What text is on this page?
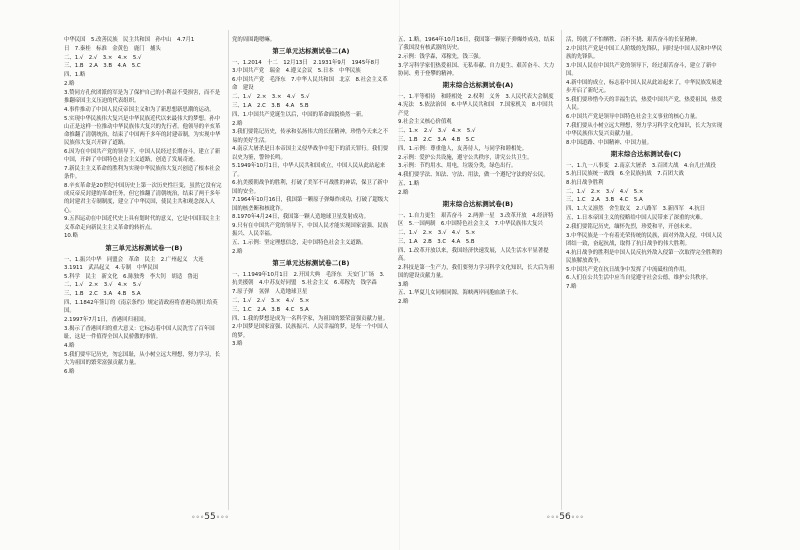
中华民国　5.改善民族　民主共和国　孙中山　4.7月1

日　7.秦桂　标准　金黄色　鹿门　捕头

二、1.√　2.√　3.×　4.×　5.√

三、1.B　2.A　3.B　4.A　5.C

四、1.略

2.略

3.赞同方孔伙团派的军是为了保护自己的小利益不受损害，而不是推翻帝国主义压迫的代表组织。

4.事件推动了中国人民反帝国主义和为了新思想新思潮的运动。

5.实现中华民族伟大复兴是中华民族近代以来最伟大的梦想。孙中山正是这样一位推动中华民族伟大复兴的先行者。他领导的辛亥革命推翻了清朝统治，结束了中国两千多年的封建帝制，为实现中华民族伟大复兴开辟了道路。

6.因为在中国共产党的领导下，中国人民经过长期奋斗，建立了新中国，开辟了中国特色社会主义道路，创造了发展奇迹。

7.新民主主义革命的胜利为实现中华民族伟大复兴创造了根本社会条件。

8.辛亥革命是20世纪中国历史上第一次历史性巨变，虽然它没有完成反帝反封建的革命任务，但它推翻了清朝统治，结束了两千多年的封建君主专制制度，建立了中华民国，使民主共和观念深入人心。

9.五四运动在中国近代史上具有划时代的意义，它是中国旧民主主义革命走向新民主主义革命的转折点。

10.略

第三单元达标测试卷一(B)

一、1.振兴中华　同盟会　革命　民主　2.广州起义　大连　3.1911　武昌起义　4.专制　中华民国

5.科学　民主　新文化　6.陈独秀　李大钊　胡适　鲁迅

二、1.√　2.×　3.√　4.×　5.√

三、1.B　2.C　3.A　4.B　5.A

四、1.1842年签订的《南京条约》规定清政府将香港岛割让给英国。

2.1997年7月1日，香港回归祖国。

3.揭示了香港回归的重大意义：它标志着中国人民洗雪了百年国耻，这是一件值得全国人民骄傲的事情。

4.略

5.我们要牢记历史，勿忘国耻，从小树立远大理想，努力学习，长大为祖国的繁荣富强贡献力量。

6.略

党的周围跑嗯嘛。

第三单元达标测试卷二(A)

一、1.2014　十二　12月13日　2.1931年9月　1945年8月　3.中国共产党　瑞金　4.遵义会议　5.日本　中华民族

6.中国共产党　毛泽东　7.中华人民共和国　北京　8.社会主义革命　建设

二、1.√　2.×　3.×　4.√　5.√

三、1.A　2.C　3.B　4.A　5.B

四、1.中国共产党诞生以后，中国的革命面貌焕然一新。

2.略

3.我们要铭记历史，传承和弘扬伟大的长征精神，珍惜今天来之不易的美好生活。

4.南京大屠杀是日本帝国主义侵华战争中犯下的滔天罪行。我们要以史为鉴，警钟长鸣。

5.1949年10月1日，中华人民共和国成立，中国人民从此站起来了。

6.抗美援朝战争的胜利，打破了美军不可战胜的神话，保卫了新中国的安全。

7.1964年10月16日，我国第一颗原子弹爆炸成功，打破了超级大国的核垄断和核讹诈。

8.1970年4月24日，我国第一颗人造地球卫星发射成功。

9.只有在中国共产党的领导下，中国人民才能实现国家富强、民族振兴、人民幸福。

五、1.示例：坚定理想信念，走中国特色社会主义道路。

2.略

第三单元达标测试卷二(B)

一、1.1949年10月1日　2.开国大典　毛泽东　天安门广场　3.抗美援朝　4.中苏友好同盟　5.社会主义　6.邓稼先　钱学森

7.原子弹　氢弹　人造地球卫星

二、1.√　2.√　3.×　4.√　5.×

三、1.C　2.A　3.B　4.C　5.A

四、1.我的梦想是成为一名科学家，为祖国的繁荣富强贡献力量。

2.中国梦是国家富强、民族振兴、人民幸福的梦，是每一个中国人的梦。

3.略

五、1.略。1964年10月16日，我国第一颗原子弹爆炸成功，结束了我国没有核武器的历史。

2.示例：钱学森，邓稼先，钱三强。

3.学习科学家们热爱祖国、无私奉献、自力更生、艰苦奋斗、大力协同、勇于登攀的精神。

期末综合达标测试卷(A)

一、1.平等相待　和睦相处　2.权利　义务　3.人民代表大会制度　4.宪法　5.依法治国　6.中华人民共和国　7.国家机关　8.中国共产党

9.社会主义核心价值观

二、1.×　2.√　3.√　4.×　5.√

三、1.B　2.C　3.A　4.B　5.C

四、1.示例：尊重他人，友善待人，与同学和睦相处。

2.示例：爱护公共设施，遵守公共秩序，讲究公共卫生。

3.示例：节约用水、用电，垃圾分类，绿色出行。

4.我们要学法、知法、守法、用法，做一个遵纪守法的好公民。

五、1.略

2.略

期末综合达标测试卷(B)

一、1.自力更生　艰苦奋斗　2.两弹一星　3.改革开放　4.经济特区　5.一国两制　6.中国特色社会主义　7.中华民族伟大复兴

二、1.√　2.×　3.√　4.√　5.×

三、1.A　2.B　3.C　4.A　5.B

四、1.改革开放以来，我国经济快速发展，人民生活水平显著提高。

2.科技是第一生产力，我们要努力学习科学文化知识，长大后为祖国的建设贡献力量。

3.略

五、1.华夏儿女同根同源，海峡两岸同胞血浓于水。

2.略

活，铸就了不怕牺牲、百折不挠、艰苦奋斗的长征精神。

2.中国共产党是中国工人阶级的先锋队，同时是中国人民和中华民族的先锋队。

3.中国人民在中国共产党的领导下，经过艰苦奋斗，建立了新中国。

4.新中国的成立，标志着中国人民从此站起来了，中华民族发展进步开启了新纪元。

5.我们要珍惜今天的幸福生活，热爱中国共产党，热爱祖国，热爱人民。

6.中国共产党是领导中国特色社会主义事业的核心力量。

7.我们要从小树立远大理想，努力学习科学文化知识，长大为实现中华民族伟大复兴贡献力量。

8.中国道路、中国精神、中国力量。

期末综合达标测试卷(C)

一、1.九一八事变　2.南京大屠杀　3.百团大战　4.台儿庄战役　5.抗日民族统一战线　6.全民族抗战　7.百团大战

8.抗日战争胜利

二、1.√　2.×　3.√　4.√　5.×

三、1.C　2.A　3.B　4.C　5.A

四、1.大义凛然　舍生取义　2.八路军　3.新四军　4.抗日

五、1.日本帝国主义的侵略给中国人民带来了深重的灾难。

2.我们要铭记历史，缅怀先烈，珍爱和平，开创未来。

3.中华民族是一个有着光荣传统的民族，面对外敌入侵，中国人民团结一致，奋起抗战，取得了抗日战争的伟大胜利。

4.抗日战争的胜利是中国人民反抗外敌入侵第一次取得完全胜利的民族解放战争。

5.中国共产党在抗日战争中发挥了中流砥柱的作用。

6.人们在公共生活中应当自觉遵守社会公德，维护公共秩序。

7.略

∘∘∘55∘∘∘	∘∘∘56∘∘∘
